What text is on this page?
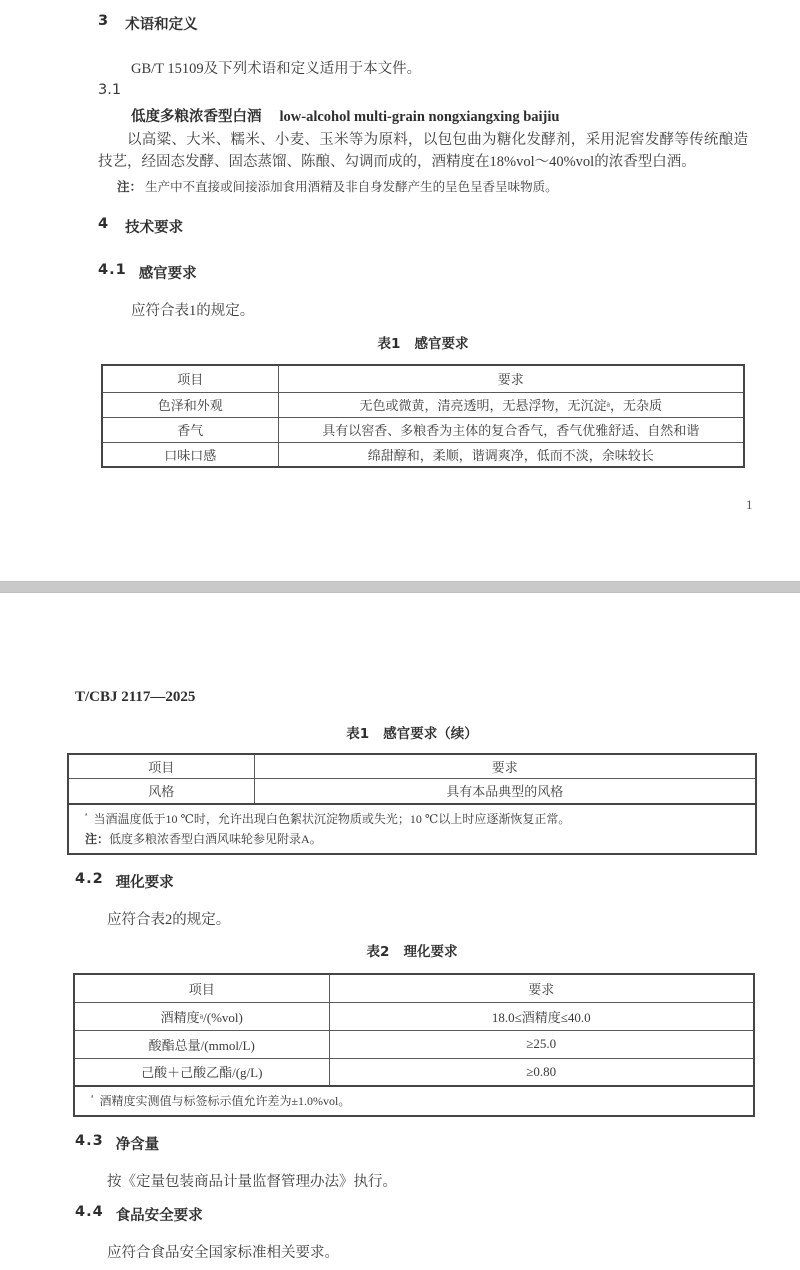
3 术语和定义
GB/T 15109及下列术语和定义适用于本文件。
3.1
低度多粮浓香型白酒 low-alcohol multi-grain nongxiangxing baijiu
以高粱、大米、糯米、小麦、玉米等为原料，以包包曲为糖化发酵剂，采用泥窖发酵等传统酿造技艺，经固态发酵、固态蒸馏、陈酿、勾调而成的，酒精度在18%vol～40%vol的浓香型白酒。
注： 生产中不直接或间接添加食用酒精及非自身发酵产生的呈色呈香呈味物质。
4 技术要求
4.1 感官要求
应符合表1的规定。
表1 感官要求
项目	要求
色泽和外观	无色或微黄，清亮透明，无悬浮物，无沉淀ᵃ，无杂质
香气	具有以窖香、多粮香为主体的复合香气，香气优雅舒适、自然和谐
口味口感	绵甜醇和，柔顺，谐调爽净，低而不淡，余味较长
1
T/CBJ 2117—2025
表1 感官要求（续）
项目	要求
风格	具有本品典型的风格

$^ᵃ$ 当酒温度低于10 ℃时，允许出现白色絮状沉淀物质或失光；10 ℃以上时应逐渐恢复正常。
注：低度多粮浓香型白酒风味轮参见附录A。	
4.2 理化要求
应符合表2的规定。
表2 理化要求
项目	要求
酒精度ᵃ/(%vol)	18.0≤酒精度≤40.0
酸酯总量/(mmol/L)	≥25.0
己酸＋己酸乙酯/(g/L)	≥0.80

$^ᵃ$ 酒精度实测值与标签标示值允许差为±1.0%vol。	
4.3 净含量
按《定量包装商品计量监督管理办法》执行。
4.4 食品安全要求
应符合食品安全国家标准相关要求。
